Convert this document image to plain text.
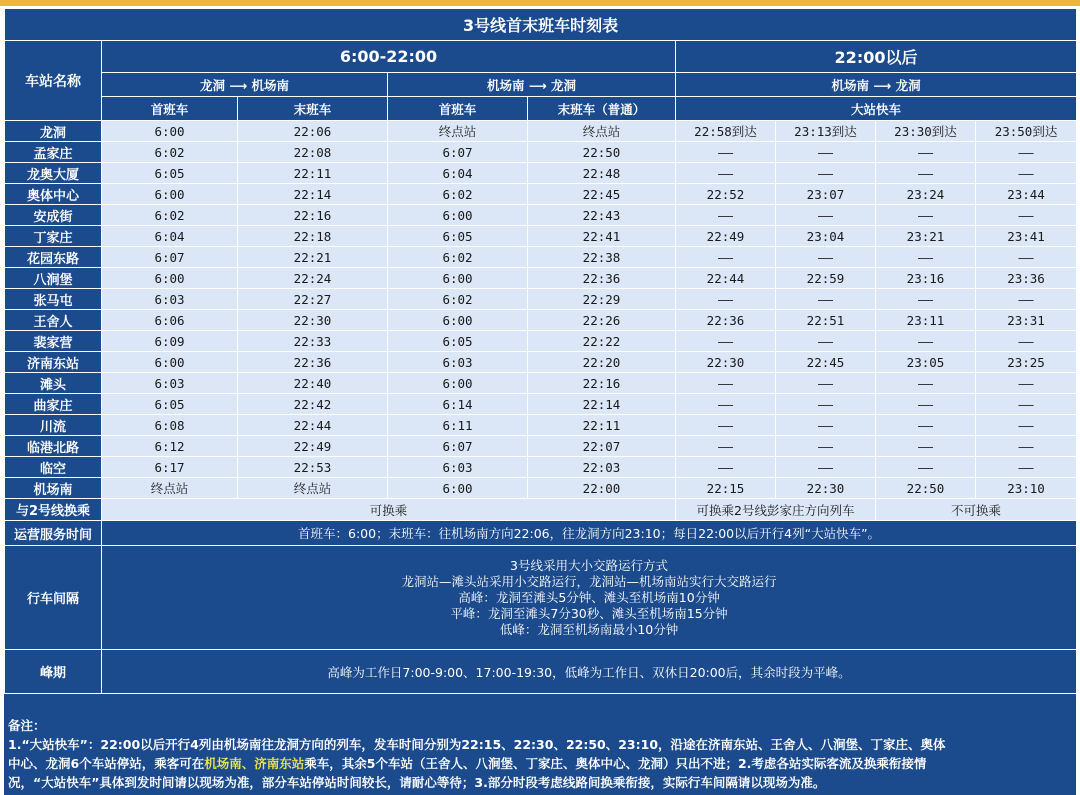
3号线首末班车时刻表								
车站名称	6:00-22:00				22:00以后			
	龙洞 ⟶ 机场南		机场南 ⟶ 龙洞		机场南 ⟶ 龙洞			
	首班车	末班车	首班车	末班车（普通）	大站快车			
龙洞	6:00	22:06	终点站	终点站	22:58到达	23:13到达	23:30到达	23:50到达
孟家庄	6:02	22:08	6:07	22:50	——	——	——	——
龙奥大厦	6:05	22:11	6:04	22:48	——	——	——	——
奥体中心	6:00	22:14	6:02	22:45	22:52	23:07	23:24	23:44
安成街	6:02	22:16	6:00	22:43	——	——	——	——
丁家庄	6:04	22:18	6:05	22:41	22:49	23:04	23:21	23:41
花园东路	6:07	22:21	6:02	22:38	——	——	——	——
八涧堡	6:00	22:24	6:00	22:36	22:44	22:59	23:16	23:36
张马屯	6:03	22:27	6:02	22:29	——	——	——	——
王舍人	6:06	22:30	6:00	22:26	22:36	22:51	23:11	23:31
裴家营	6:09	22:33	6:05	22:22	——	——	——	——
济南东站	6:00	22:36	6:03	22:20	22:30	22:45	23:05	23:25
滩头	6:03	22:40	6:00	22:16	——	——	——	——
曲家庄	6:05	22:42	6:14	22:14	——	——	——	——
川流	6:08	22:44	6:11	22:11	——	——	——	——
临港北路	6:12	22:49	6:07	22:07	——	——	——	——
临空	6:17	22:53	6:03	22:03	——	——	——	——
机场南	终点站	终点站	6:00	22:00	22:15	22:30	22:50	23:10
与2号线换乘	可换乘				可换乘2号线彭家庄方向列车		不可换乘	
运营服务时间	首班车：6:00；末班车：往机场南方向22:06，往龙洞方向23:10；每日22:00以后开行4列“大站快车”。							
行车间隔	3号线采用大小交路运行方式
龙洞站—滩头站采用小交路运行，龙洞站—机场南站实行大交路运行
高峰：龙洞至滩头5分钟、滩头至机场南10分钟
平峰：龙洞至滩头7分30秒、滩头至机场南15分钟
低峰：龙洞至机场南最小10分钟							

峰期	高峰为工作日7:00-9:00、17:00-19:30，低峰为工作日、双休日20:00后，其余时段为平峰。							
备注：
1.“大站快车”：22:00以后开行4列由机场南往龙洞方向的列车，发车时间分别为22:15、22:30、22:50、23:10，沿途在济南东站、王舍人、八涧堡、丁家庄、奥体
中心、龙洞6个车站停站，乘客可在机场南、济南东站乘车，其余5个车站（王舍人、八涧堡、丁家庄、奥体中心、龙洞）只出不进；2.考虑各站实际客流及换乘衔接情
况，“大站快车”具体到发时间请以现场为准，部分车站停站时间较长，请耐心等待；3.部分时段考虑线路间换乘衔接，实际行车间隔请以现场为准。
